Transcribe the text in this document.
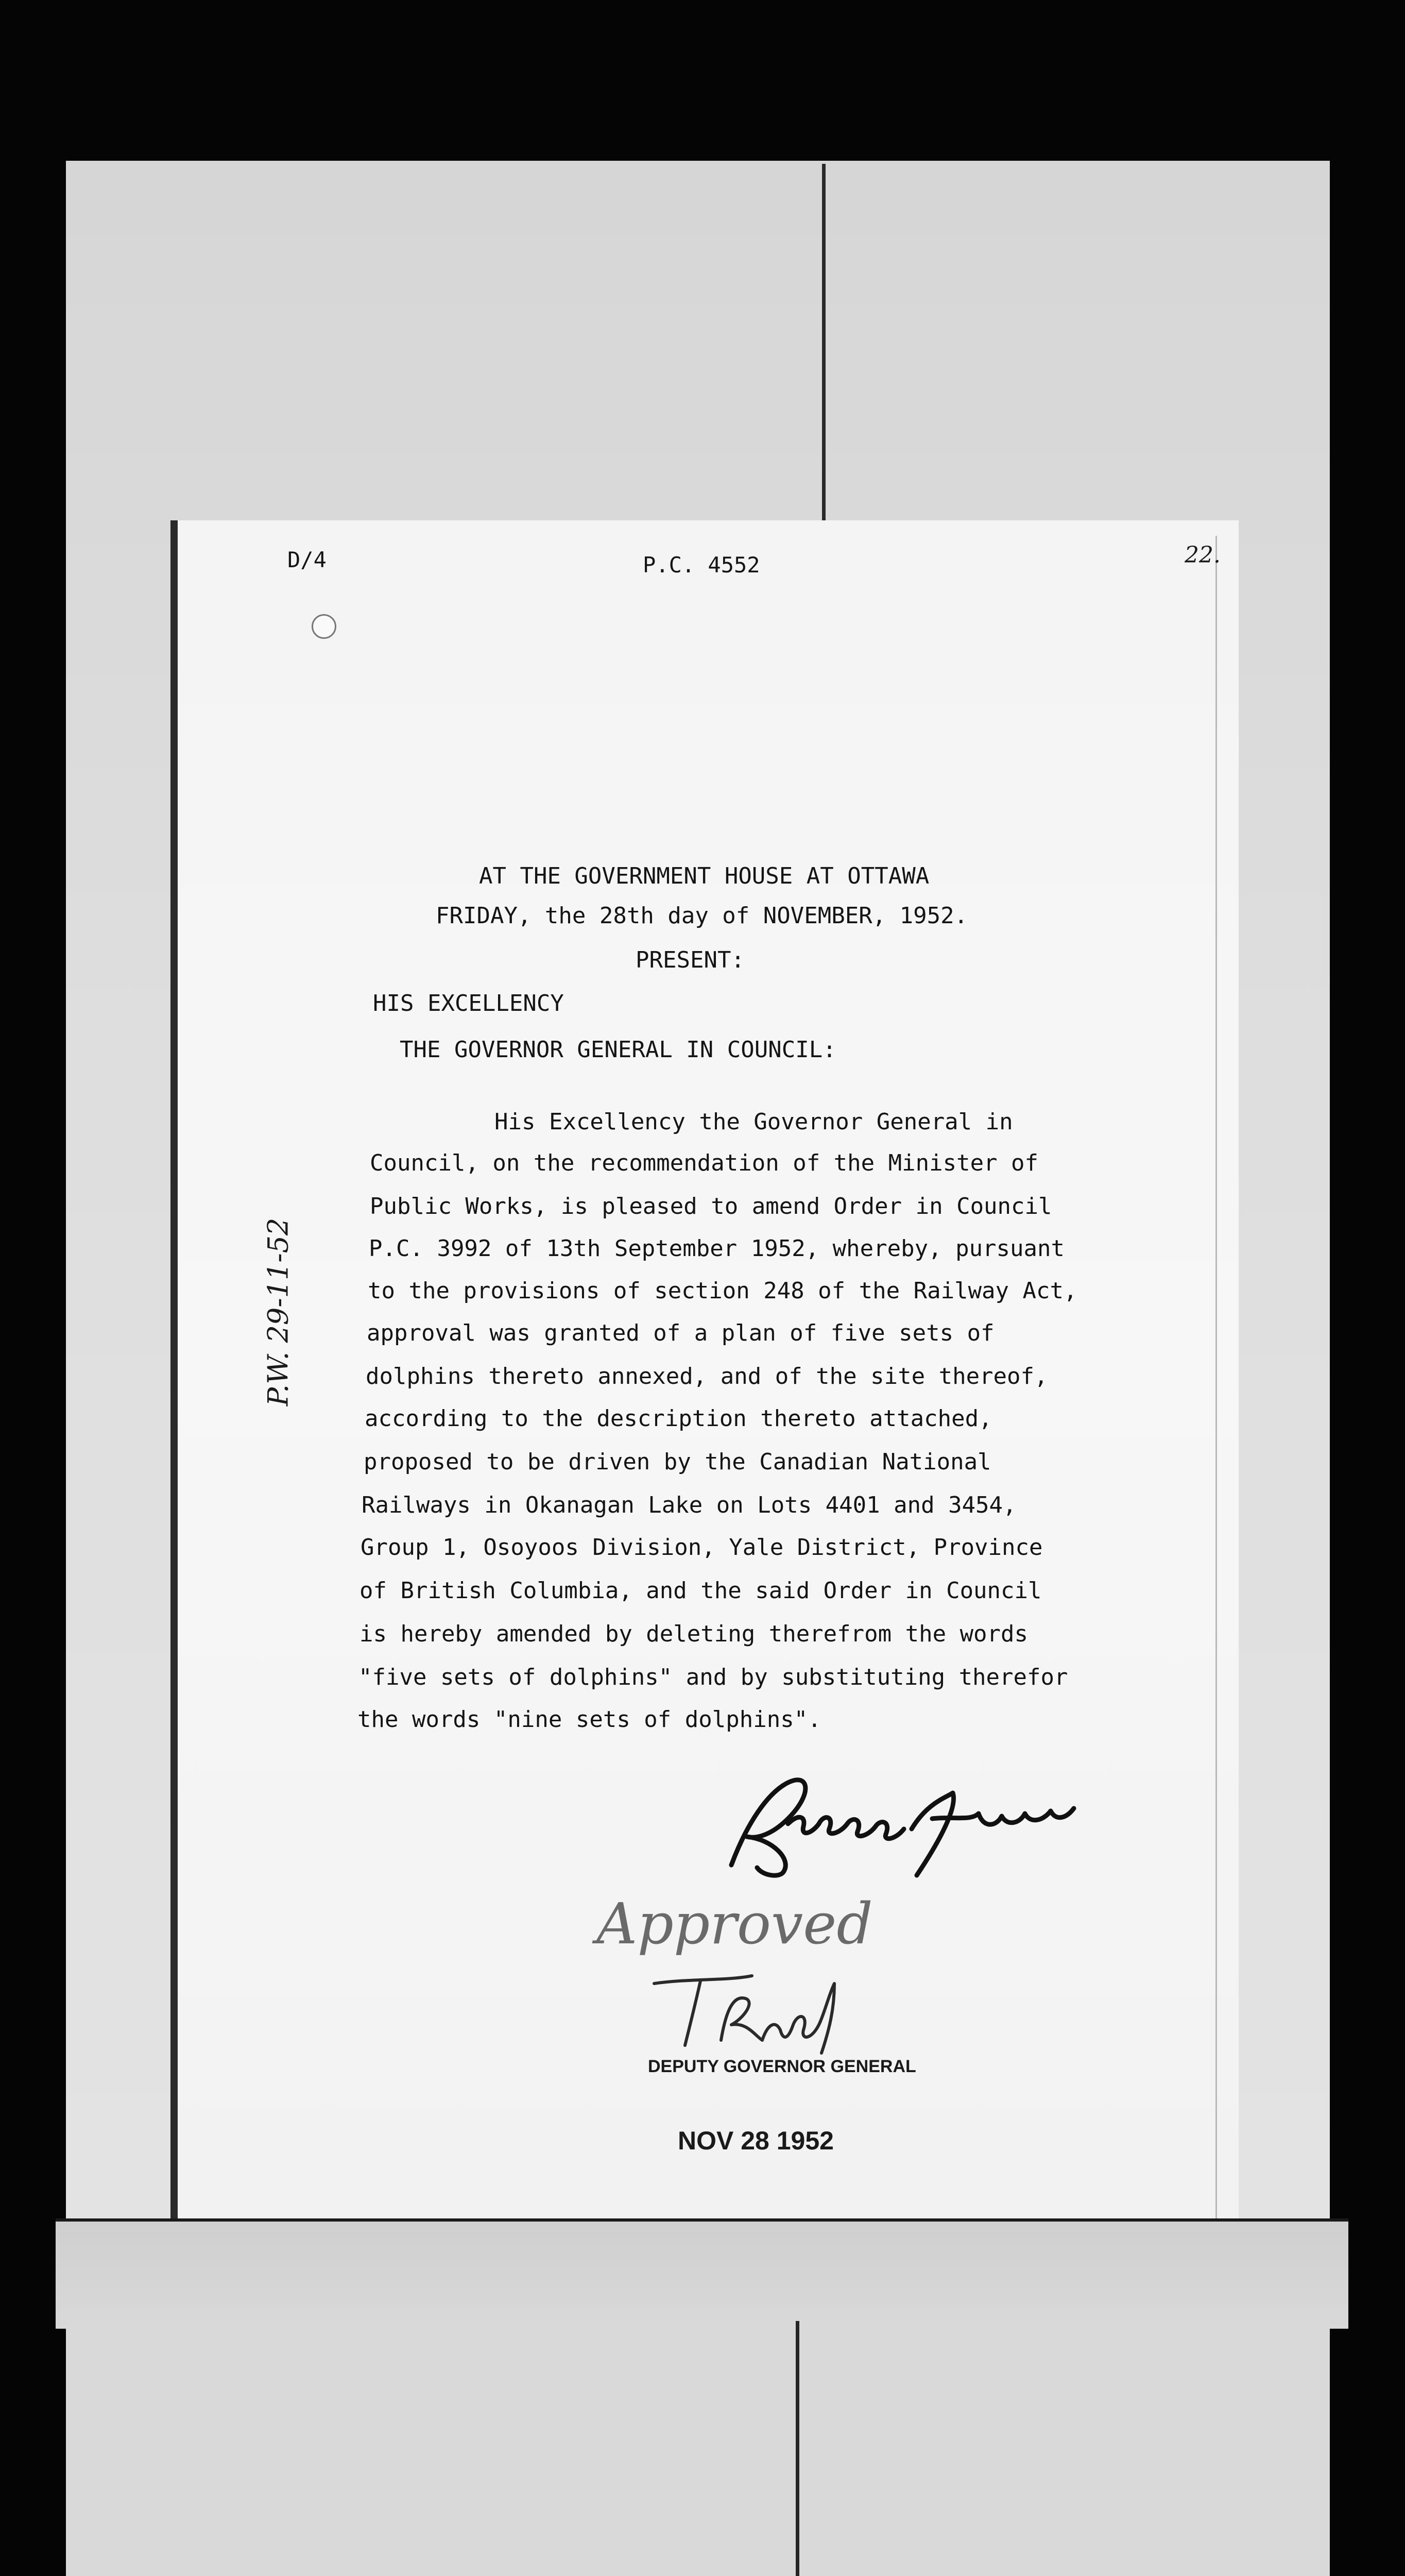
D/4	P.C. 4552	22.
P.W. 29-11-52
AT THE GOVERNMENT HOUSE AT OTTAWA
FRIDAY, the 28th day of NOVEMBER, 1952.
PRESENT:
HIS EXCELLENCY
THE GOVERNOR GENERAL IN COUNCIL:
His Excellency the Governor General in
Council, on the recommendation of the Minister of
Public Works, is pleased to amend Order in Council
P.C. 3992 of 13th September 1952, whereby, pursuant
to the provisions of section 248 of the Railway Act,
approval was granted of a plan of five sets of
dolphins thereto annexed, and of the site thereof,
according to the description thereto attached,
proposed to be driven by the Canadian National
Railways in Okanagan Lake on Lots 4401 and 3454,
Group 1, Osoyoos Division, Yale District, Province
of British Columbia, and the said Order in Council
is hereby amended by deleting therefrom the words
"five sets of dolphins" and by substituting therefor
the words "nine sets of dolphins".
Robertson Winters
Approved
DEPUTY GOVERNOR GENERAL
NOV 28 1952
